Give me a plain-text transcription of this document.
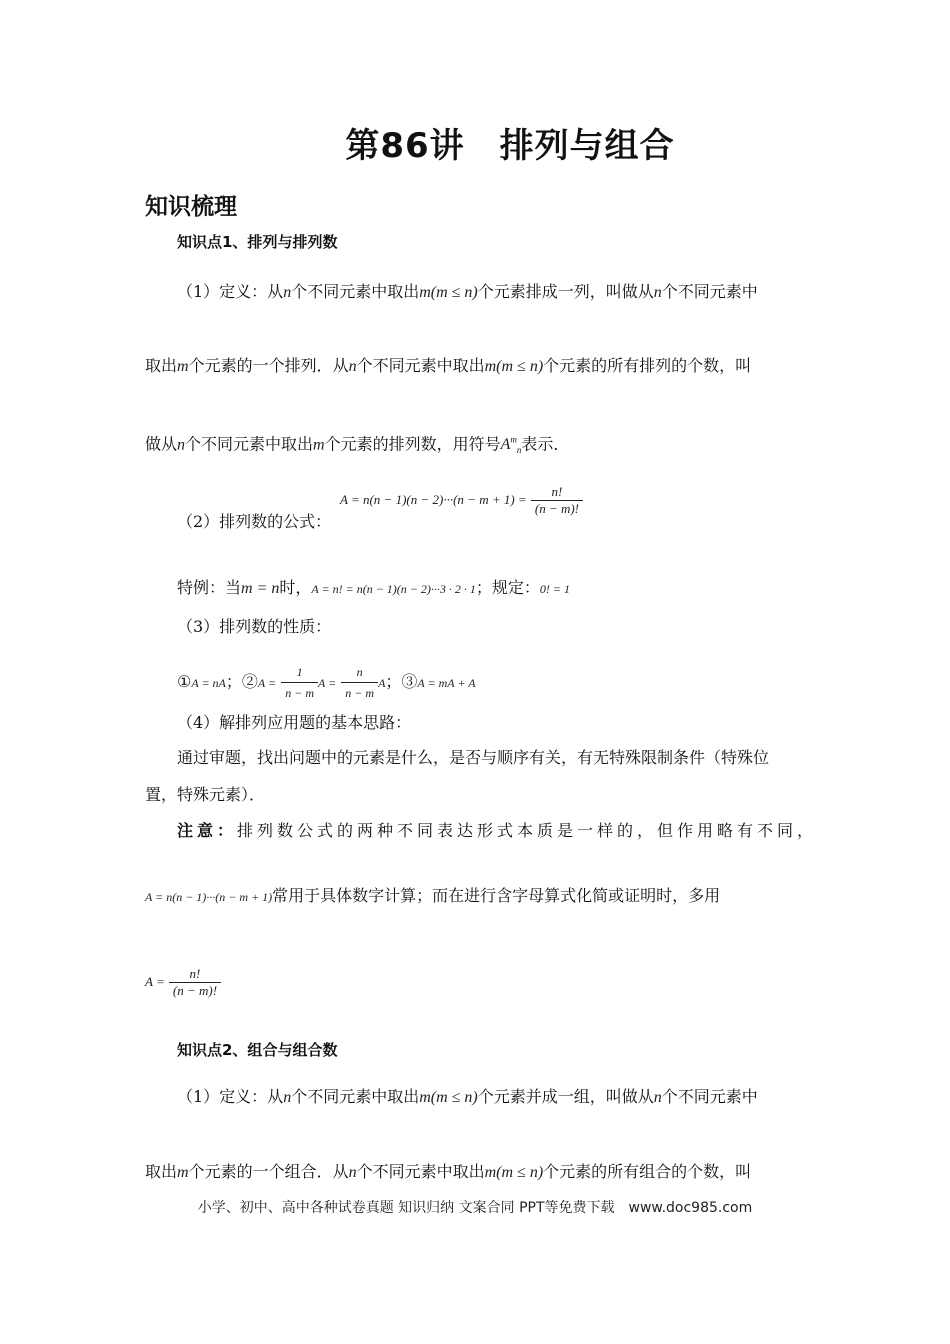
第86讲　排列与组合
知识梳理
知识点1、排列与排列数
（1）定义：从n个不同元素中取出m(m ≤ n)个元素排成一列，叫做从n个不同元素中
取出m个元素的一个排列．从n个不同元素中取出m(m ≤ n)个元素的所有排列的个数，叫
做从n个不同元素中取出m个元素的排列数，用符号$A^m_n$表示．
（2）排列数的公式：
$A = n(n - 1)(n - 2)\cdot\cdot\cdot(n - m + 1) = \frac{n!}{(n - m)!}$
特例：当m = n时，A = n! = n(n − 1)(n − 2)···3 · 2 · 1；规定：0! = 1
（3）排列数的性质：
①A = nA；②A = $\frac{1}{n - m}$ $A = \frac{n}{n - m}$ A；③A = mA + A
（4）解排列应用题的基本思路：
通过审题，找出问题中的元素是什么，是否与顺序有关，有无特殊限制条件（特殊位
置，特殊元素）．
注意：排列数公式的两种不同表达形式本质是一样的，但作用略有不同，
A = n(n − 1)···(n − m + 1)常用于具体数字计算；而在进行含字母算式化简或证明时，多用
$A = \frac{n!}{(n - m)!}$
知识点2、组合与组合数
（1）定义：从n个不同元素中取出m(m ≤ n)个元素并成一组，叫做从n个不同元素中
取出m个元素的一个组合．从n个不同元素中取出m(m ≤ n)个元素的所有组合的个数，叫
小学、初中、高中各种试卷真题 知识归纳 文案合同 PPT等免费下载　www.doc985.com
